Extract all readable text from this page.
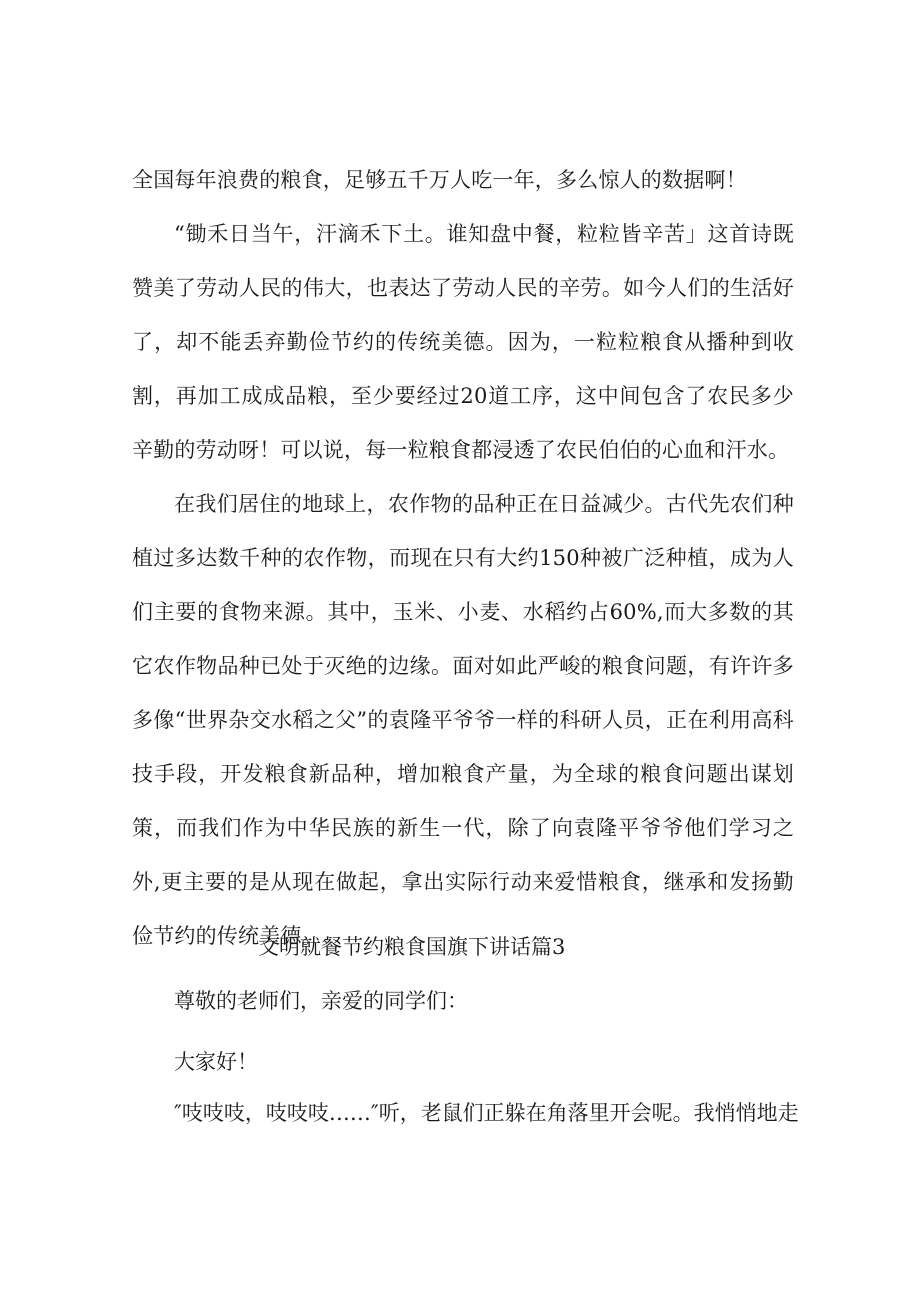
全国每年浪费的粮食，足够五千万人吃一年，多么惊人的数据啊！

“锄禾日当午，汗滴禾下土。谁知盘中餐，粒粒皆辛苦」这首诗既赞美了劳动人民的伟大，也表达了劳动人民的辛劳。如今人们的生活好了，却不能丢弃勤俭节约的传统美德。因为，一粒粒粮食从播种到收割，再加工成成品粮，至少要经过20道工序，这中间包含了农民多少辛勤的劳动呀！可以说，每一粒粮食都浸透了农民伯伯的心血和汗水。

在我们居住的地球上，农作物的品种正在日益减少。古代先农们种植过多达数千种的农作物，而现在只有大约150种被广泛种植，成为人们主要的食物来源。其中，玉米、小麦、水稻约占60%,而大多数的其它农作物品种已处于灭绝的边缘。面对如此严峻的粮食问题，有许许多多像“世界杂交水稻之父”的袁隆平爷爷一样的科研人员，正在利用高科技手段，开发粮食新品种，增加粮食产量，为全球的粮食问题出谋划策，而我们作为中华民族的新生一代，除了向袁隆平爷爷他们学习之外,更主要的是从现在做起，拿出实际行动来爱惜粮食，继承和发扬勤俭节约的传统美德。

文明就餐节约粮食国旗下讲话篇3
尊敬的老师们，亲爱的同学们：
大家好！
″吱吱吱，吱吱吱……″听，老鼠们正躲在角落里开会呢。我悄悄地走
